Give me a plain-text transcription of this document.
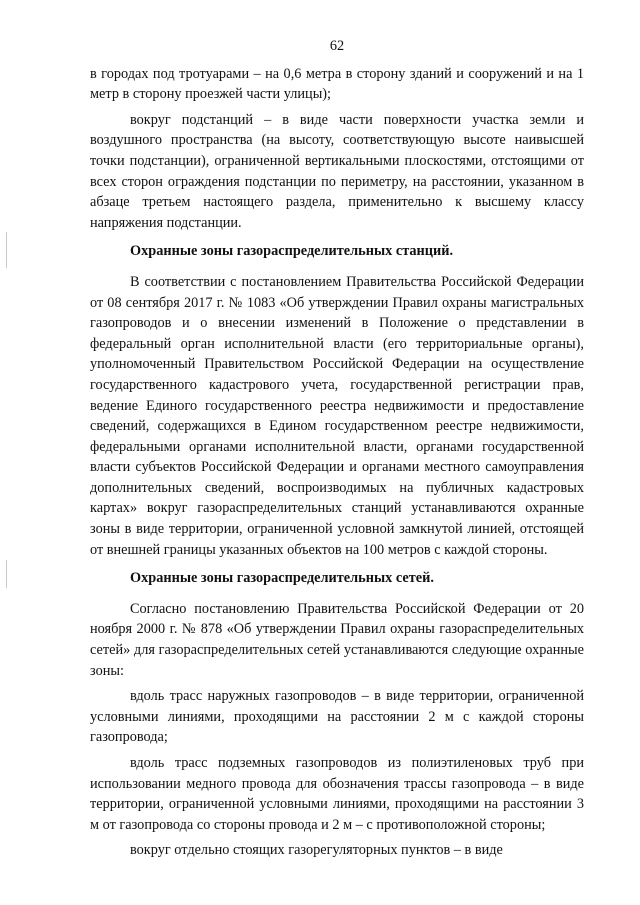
62

в городах под тротуарами – на 0,6 метра в сторону зданий и сооружений и на 1 метр в сторону проезжей части улицы);

вокруг подстанций – в виде части поверхности участка земли и воздушного пространства (на высоту, соответствующую высоте наивысшей точки подстанции), ограниченной вертикальными плоскостями, отстоящими от всех сторон ограждения подстанции по периметру, на расстоянии, указанном в абзаце третьем настоящего раздела, применительно к высшему классу напряжения подстанции.

Охранные зоны газораспределительных станций.

В соответствии с постановлением Правительства Российской Федерации от 08 сентября 2017 г. № 1083 «Об утверждении Правил охраны магистральных газопроводов и о внесении изменений в Положение о представлении в федеральный орган исполнительной власти (его территориальные органы), уполномоченный Правительством Российской Федерации на осуществление государственного кадастрового учета, государственной регистрации прав, ведение Единого государственного реестра недвижимости и предоставление сведений, содержащихся в Едином государственном реестре недвижимости, федеральными органами исполнительной власти, органами государственной власти субъектов Российской Федерации и органами местного самоуправления дополнительных сведений, воспроизводимых на публичных кадастровых картах» вокруг газораспределительных станций устанавливаются охранные зоны в виде территории, ограниченной условной замкнутой линией, отстоящей от внешней границы указанных объектов на 100 метров с каждой стороны.

Охранные зоны газораспределительных сетей.

Согласно постановлению Правительства Российской Федерации от 20 ноября 2000 г. № 878 «Об утверждении Правил охраны газораспределительных сетей» для газораспределительных сетей устанавливаются следующие охранные зоны:

вдоль трасс наружных газопроводов – в виде территории, ограниченной условными линиями, проходящими на расстоянии 2 м с каждой стороны газопровода;

вдоль трасс подземных газопроводов из полиэтиленовых труб при использовании медного провода для обозначения трассы газопровода – в виде территории, ограниченной условными линиями, проходящими на расстоянии 3 м от газопровода со стороны провода и 2 м – с противоположной стороны;

вокруг отдельно стоящих газорегуляторных пунктов – в виде
